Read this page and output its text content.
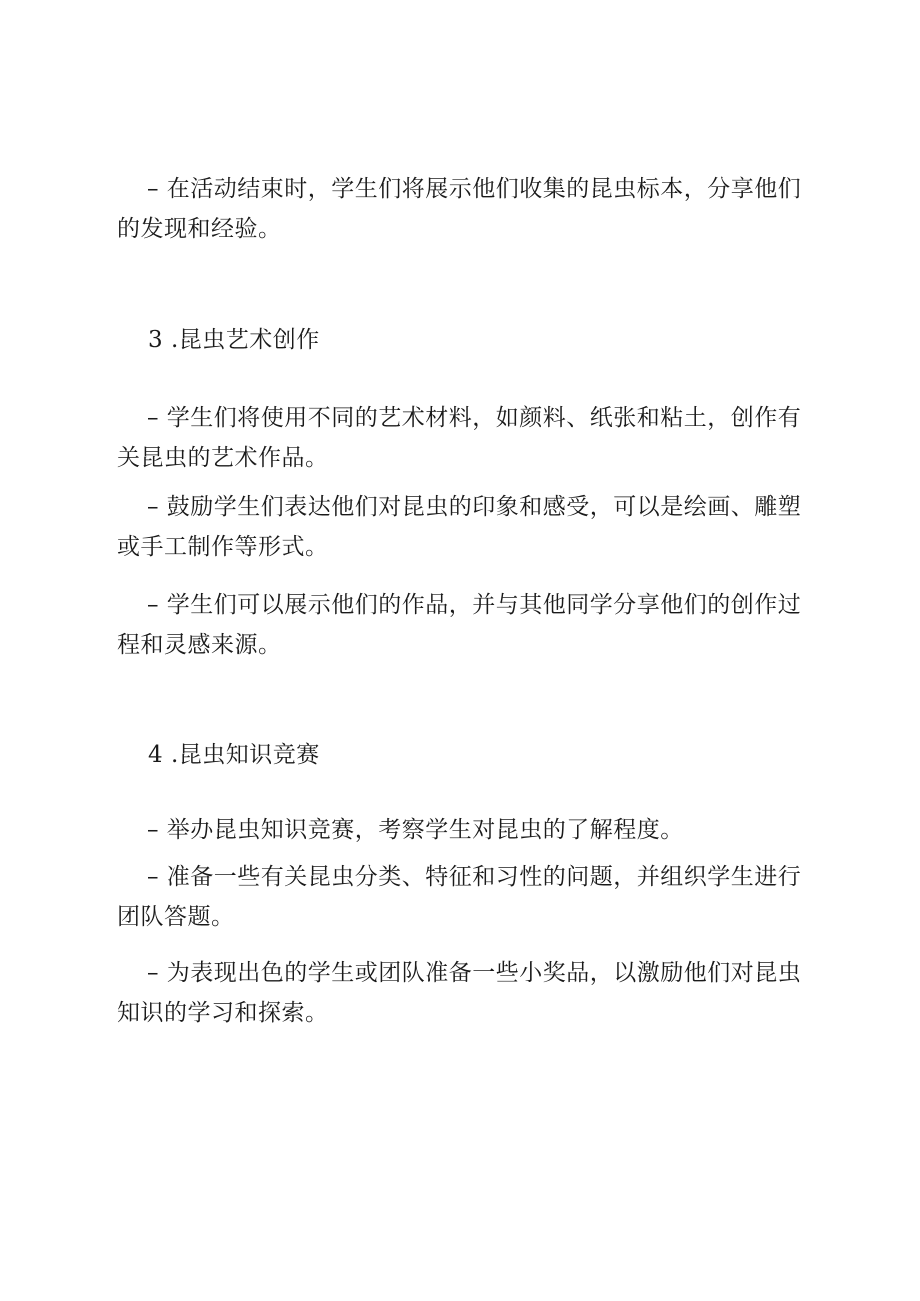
– 在活动结束时，学生们将展示他们收集的昆虫标本，分享他们的发现和经验。

3 .昆虫艺术创作

– 学生们将使用不同的艺术材料，如颜料、纸张和粘土，创作有关昆虫的艺术作品。

– 鼓励学生们表达他们对昆虫的印象和感受，可以是绘画、雕塑或手工制作等形式。

– 学生们可以展示他们的作品，并与其他同学分享他们的创作过程和灵感来源。

4 .昆虫知识竞赛

– 举办昆虫知识竞赛，考察学生对昆虫的了解程度。

– 准备一些有关昆虫分类、特征和习性的问题，并组织学生进行团队答题。

– 为表现出色的学生或团队准备一些小奖品，以激励他们对昆虫知识的学习和探索。
